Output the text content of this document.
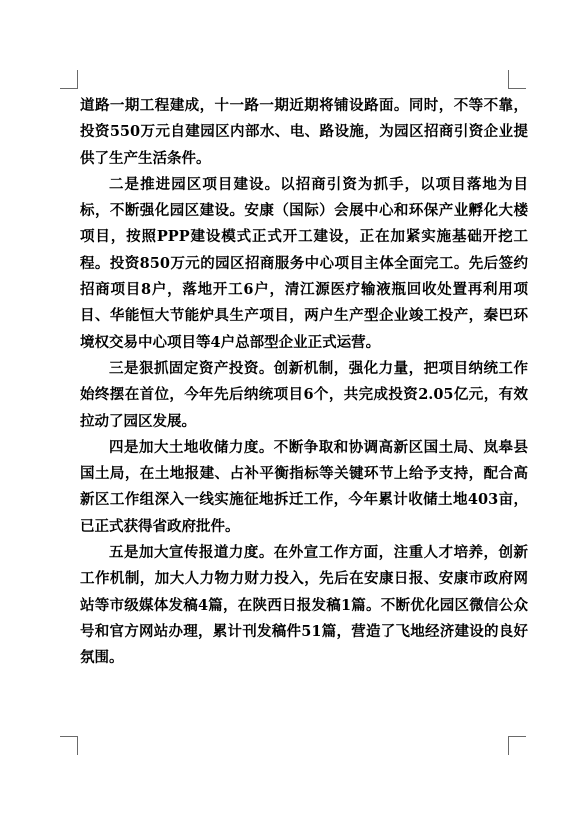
道路一期工程建成，十一路一期近期将铺设路面。同时，不等不靠，投资550万元自建园区内部水、电、路设施，为园区招商引资企业提供了生产生活条件。

二是推进园区项目建设。以招商引资为抓手，以项目落地为目标，不断强化园区建设。安康（国际）会展中心和环保产业孵化大楼项目，按照PPP建设模式正式开工建设，正在加紧实施基础开挖工程。投资850万元的园区招商服务中心项目主体全面完工。先后签约招商项目8户，落地开工6户，清江源医疗输液瓶回收处置再利用项目、华能恒大节能炉具生产项目，两户生产型企业竣工投产，秦巴环境权交易中心项目等4户总部型企业正式运营。

三是狠抓固定资产投资。创新机制，强化力量，把项目纳统工作始终摆在首位，今年先后纳统项目6个，共完成投资2.05亿元，有效拉动了园区发展。

四是加大土地收储力度。不断争取和协调高新区国土局、岚皋县国土局，在土地报建、占补平衡指标等关键环节上给予支持，配合高新区工作组深入一线实施征地拆迁工作，今年累计收储土地403亩，已正式获得省政府批件。

五是加大宣传报道力度。在外宣工作方面，注重人才培养，创新工作机制，加大人力物力财力投入，先后在安康日报、安康市政府网站等市级媒体发稿4篇，在陕西日报发稿1篇。不断优化园区微信公众号和官方网站办理，累计刊发稿件51篇，营造了飞地经济建设的良好氛围。
